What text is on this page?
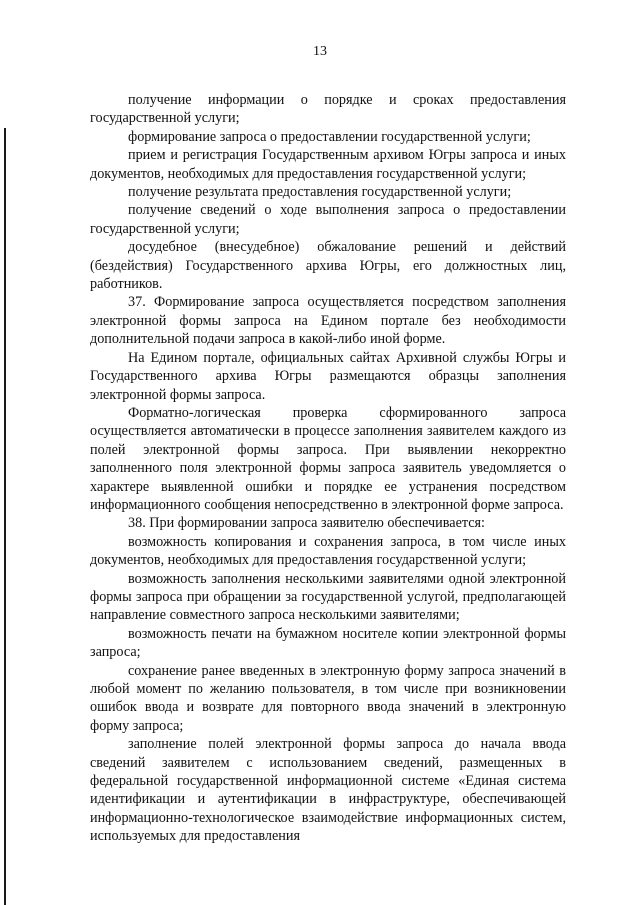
13

получение информации о порядке и сроках предоставления государственной услуги;

формирование запроса о предоставлении государственной услуги;

прием и регистрация Государственным архивом Югры запроса и иных документов, необходимых для предоставления государственной услуги;

получение результата предоставления государственной услуги;

получение сведений о ходе выполнения запроса о предоставлении государственной услуги;

досудебное (внесудебное) обжалование решений и действий (бездействия) Государственного архива Югры, его должностных лиц, работников.

37. Формирование запроса осуществляется посредством заполнения электронной формы запроса на Едином портале без необходимости дополнительной подачи запроса в какой-либо иной форме.

На Едином портале, официальных сайтах Архивной службы Югры и Государственного архива Югры размещаются образцы заполнения электронной формы запроса.

Форматно-логическая проверка сформированного запроса осуществляется автоматически в процессе заполнения заявителем каждого из полей электронной формы запроса. При выявлении некорректно заполненного поля электронной формы запроса заявитель уведомляется о характере выявленной ошибки и порядке ее устранения посредством информационного сообщения непосредственно в электронной форме запроса.

38. При формировании запроса заявителю обеспечивается:

возможность копирования и сохранения запроса, в том числе иных документов, необходимых для предоставления государственной услуги;

возможность заполнения несколькими заявителями одной электронной формы запроса при обращении за государственной услугой, предполагающей направление совместного запроса несколькими заявителями;

возможность печати на бумажном носителе копии электронной формы запроса;

сохранение ранее введенных в электронную форму запроса значений в любой момент по желанию пользователя, в том числе при возникновении ошибок ввода и возврате для повторного ввода значений в электронную форму запроса;

заполнение полей электронной формы запроса до начала ввода сведений заявителем с использованием сведений, размещенных в федеральной государственной информационной системе «Единая система идентификации и аутентификации в инфраструктуре, обеспечивающей информационно-технологическое взаимодействие информационных систем, используемых для предоставления
